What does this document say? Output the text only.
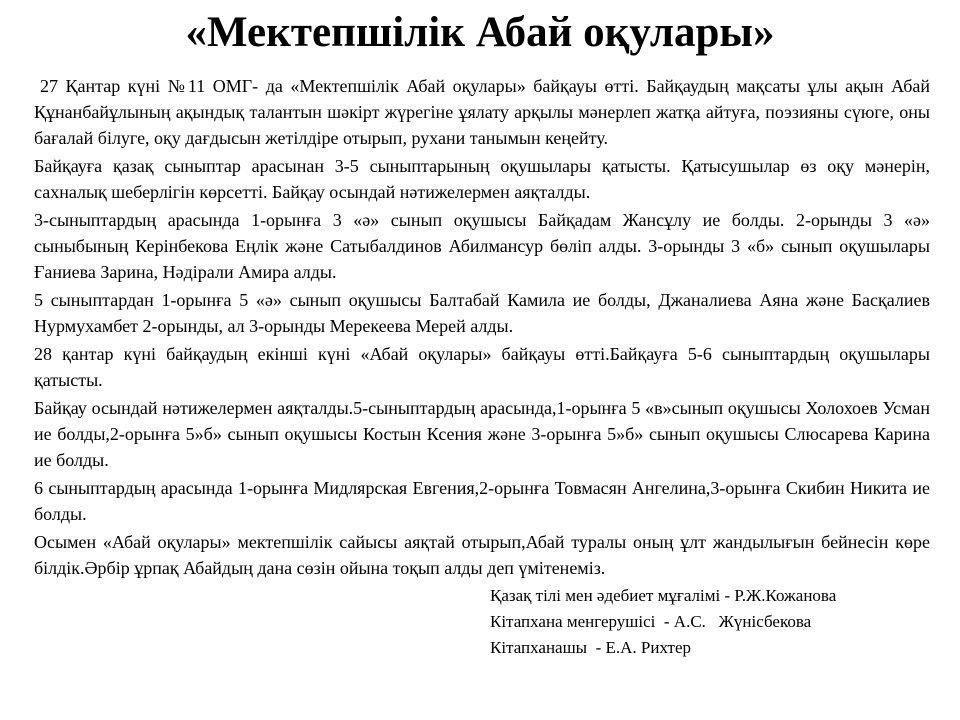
«Мектепшілік Абай оқулары»

27 Қантар күні №11 ОМГ- да «Мектепшілік Абай оқулары» байқауы өтті. Байқаудың мақсаты ұлы ақын Абай Құнанбайұлының ақындық талантын шәкірт жүрегіне ұялату арқылы мәнерлеп жатқа айтуға, поэзияны сүюге, оны бағалай білуге, оқу дағдысын жетілдіре отырып, рухани танымын кеңейту.

Байқауға қазақ сыныптар арасынан 3-5 сыныптарының оқушылары қатысты. Қатысушылар өз оқу мәнерін, сахналық шеберлігін көрсетті. Байқау осындай нәтижелермен аяқталды.

3-сыныптардың арасында 1-орынға 3 «ә» сынып оқушысы Байқадам Жансұлу ие болды. 2-орынды 3 «ә» сыныбының Керінбекова Еңлік және Сатыбалдинов Абилмансур бөліп алды. 3-орынды 3 «б» сынып оқушылары Ғаниева Зарина, Нәдірали Амира алды.

5 сыныптардан 1-орынға 5 «ә» сынып оқушысы Балтабай Камила ие болды, Джаналиева Аяна және Басқалиев Нурмухамбет 2-орынды, ал 3-орынды Мерекеева Мерей алды.

28 қантар күні байқаудың екінші күні «Абай оқулары» байқауы өтті.Байқауға 5-6 сыныптардың оқушылары қатысты.

Байқау осындай нәтижелермен аяқталды.5-сыныптардың арасында,1-орынға 5 «в»сынып оқушысы Холохоев Усман ие болды,2-орынға 5»б» сынып оқушысы Костын Ксения және 3-орынға 5»б» сынып оқушысы Слюсарева Карина ие болды.

6 сыныптардың арасында 1-орынға Мидлярская Евгения,2-орынға Товмасян Ангелина,3-орынға Скибин Никита ие болды.

Осымен «Абай оқулары» мектепшілік сайысы аяқтай отырып,Абай туралы оның ұлт жандылығын бейнесін көре білдік.Әрбір ұрпақ Абайдың дана сөзін ойына тоқып алды деп үмітенеміз.

Қазақ тілі мен әдебиет мұғалімі - Р.Ж.Кожанова
Кітапхана менгерушісі  - А.С.   Жүнісбекова
Кітапханашы  - Е.А. Рихтер
